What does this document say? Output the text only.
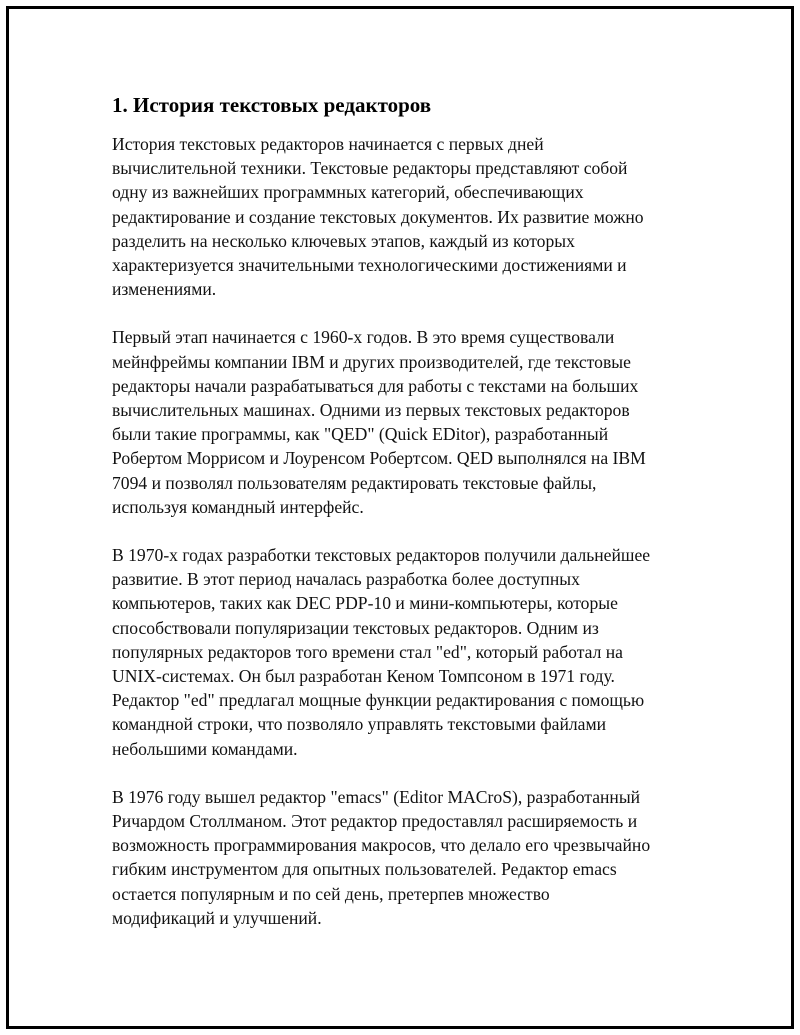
1. История текстовых редакторов

История текстовых редакторов начинается с первых дней
вычислительной техники. Текстовые редакторы представляют собой
одну из важнейших программных категорий, обеспечивающих
редактирование и создание текстовых документов. Их развитие можно
разделить на несколько ключевых этапов, каждый из которых
характеризуется значительными технологическими достижениями и
изменениями.

Первый этап начинается с 1960-х годов. В это время существовали
мейнфреймы компании IBM и других производителей, где текстовые
редакторы начали разрабатываться для работы с текстами на больших
вычислительных машинах. Одними из первых текстовых редакторов
были такие программы, как "QED" (Quick EDitor), разработанный
Робертом Моррисом и Лоуренсом Робертсом. QED выполнялся на IBM
7094 и позволял пользователям редактировать текстовые файлы,
используя командный интерфейс.

В 1970-х годах разработки текстовых редакторов получили дальнейшее
развитие. В этот период началась разработка более доступных
компьютеров, таких как DEC PDP-10 и мини-компьютеры, которые
способствовали популяризации текстовых редакторов. Одним из
популярных редакторов того времени стал "ed", который работал на
UNIX-системах. Он был разработан Кеном Томпсоном в 1971 году.
Редактор "ed" предлагал мощные функции редактирования с помощью
командной строки, что позволяло управлять текстовыми файлами
небольшими командами.

В 1976 году вышел редактор "emacs" (Editor MACroS), разработанный
Ричардом Столлманом. Этот редактор предоставлял расширяемость и
возможность программирования макросов, что делало его чрезвычайно
гибким инструментом для опытных пользователей. Редактор emacs
остается популярным и по сей день, претерпев множество
модификаций и улучшений.
